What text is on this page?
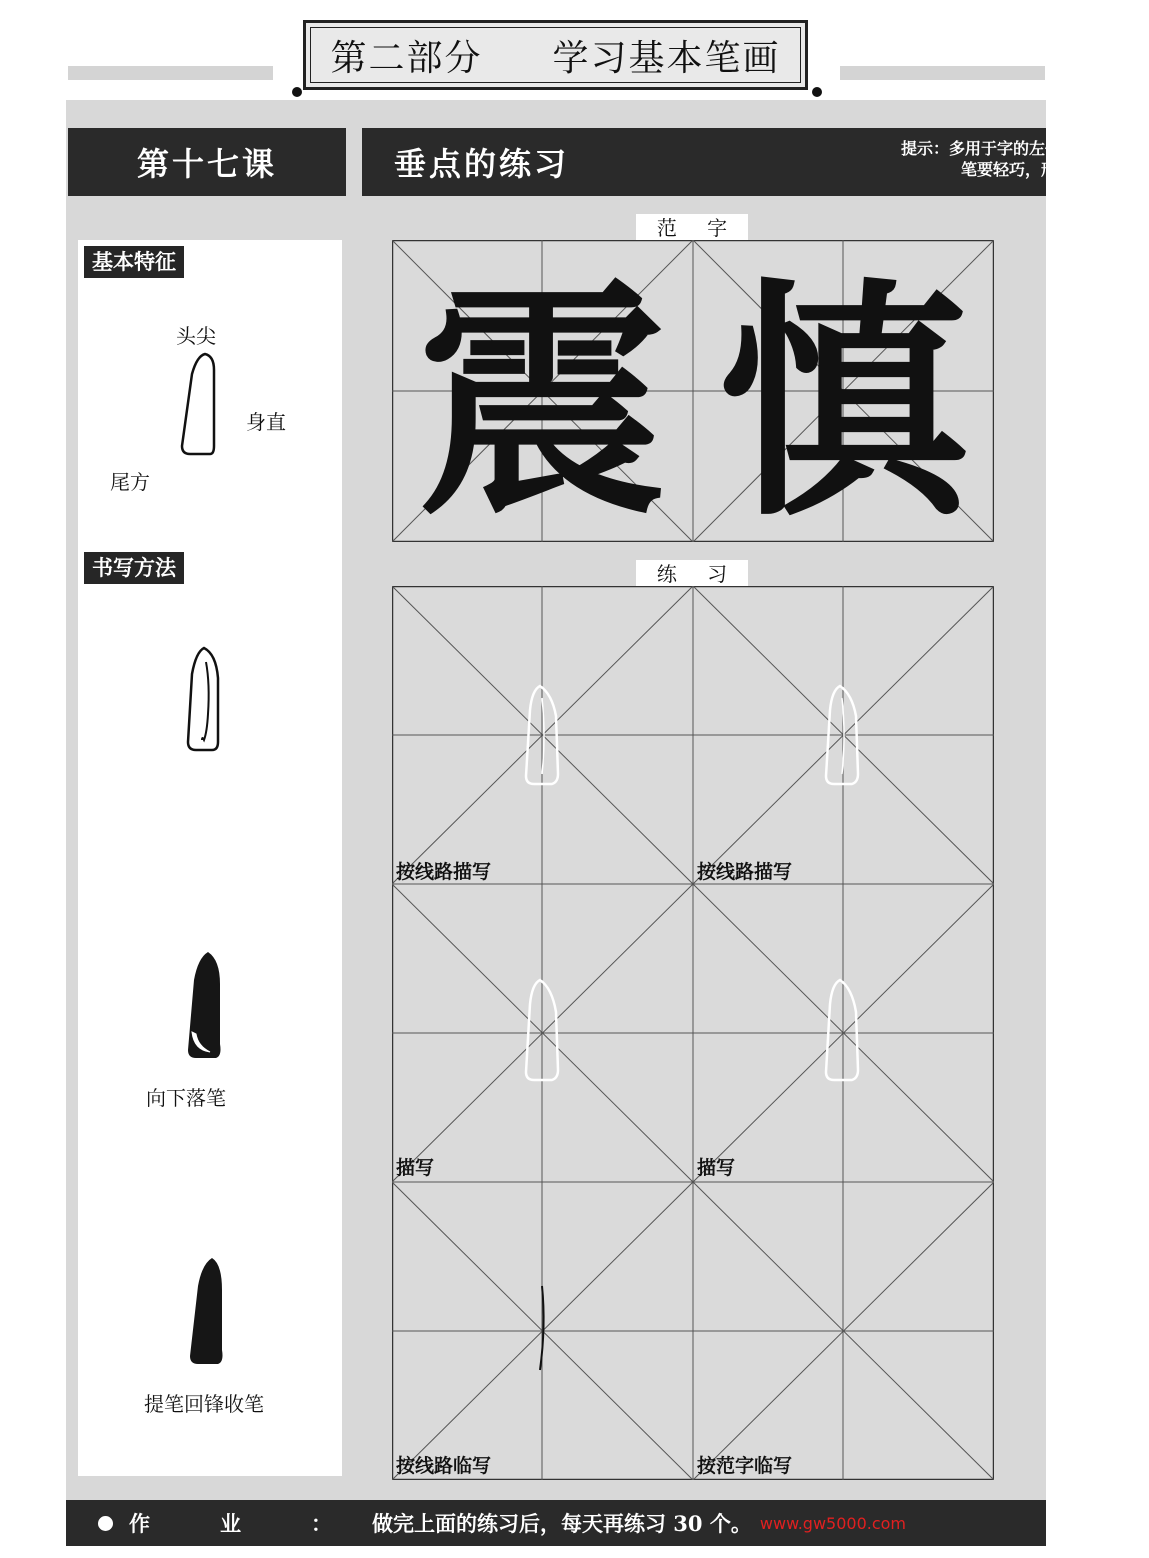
第二部分 学习基本笔画
第十七课	垂点的练习	提示：多用于字的左侧点，写时用
笔要轻巧，形体要完整。
基本特征
头尖
身直
尾方
书写方法
向下落笔
提笔回锋收笔
范 字
震 慎
练 习
按线路描写	按线路描写
描写	描写
按线路临写	按范字临写
作业：
做完上面的练习后，每天再练习 30 个。 www.gw5000.com
